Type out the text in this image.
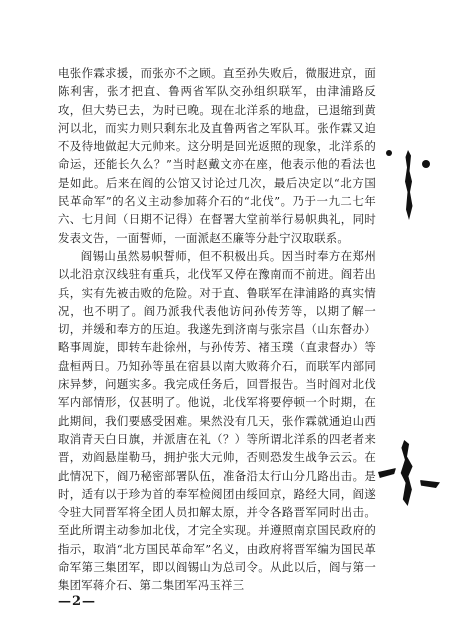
电张作霖求援，而张亦不之顾。直至孙失败后，微服进京，面陈利害，张才把直、鲁两省军队交孙组织联军，由津浦路反攻，但大势已去，为时已晚。现在北洋系的地盘，已退缩到黄河以北，而实力则只剩东北及直鲁两省之军队耳。张作霖又迫不及待地做起大元帅来。这分明是回光返照的现象，北洋系的命运，还能长久么？”当时赵戴文亦在座，他表示他的看法也是如此。后来在阎的公馆又讨论过几次，最后决定以“北方国民革命军”的名义主动参加蒋介石的“北伐”。乃于一九二七年六、七月间（日期不记得）在督署大堂前举行易帜典礼，同时发表文告，一面誓师，一面派赵丕廉等分赴宁汉取联系。

阎锡山虽然易帜誓师，但不积极出兵。因当时奉方在郑州以北沿京汉线驻有重兵，北伐军又停在豫南而不前进。阎若出兵，实有先被击败的危险。对于直、鲁联军在津浦路的真实情况，也不明了。阎乃派我代表他访问孙传芳等，以期了解一切，并缓和奉方的压迫。我遂先到济南与张宗昌（山东督办）略事周旋，即转车赴徐州，与孙传芳、褚玉璞（直隶督办）等盘桓两日。乃知孙等虽在宿县以南大败蒋介石，而联军内部同床异梦，问题实多。我完成任务后，回晋报告。当时阎对北伐军内部情形，仅甚明了。他说，北伐军将要停顿一个时期，在此期间，我们要感受困难。果然没有几天，张作霖就通迫山西取消青天白日旗，并派唐在礼（？）等所谓北洋系的四老者来晋，劝阎悬崖勒马，拥护张大元帅，否则恐发生战争云云。在此情况下，阎乃秘密部署队伍，准备沿太行山分几路出击。是时，适有以于珍为首的奉军检阅团由绥回京，路经大同，阎遂令驻大同晋军将全团人员扣解太原，并令各路晋军同时出击。至此所谓主动参加北伐，才完全实现。并遵照南京国民政府的指示，取消“北方国民革命军”名义，由政府将晋军编为国民革命军第三集团军，即以阎锡山为总司令。从此以后，阎与第一集团军蒋介石、第二集团军冯玉祥三

—2—
